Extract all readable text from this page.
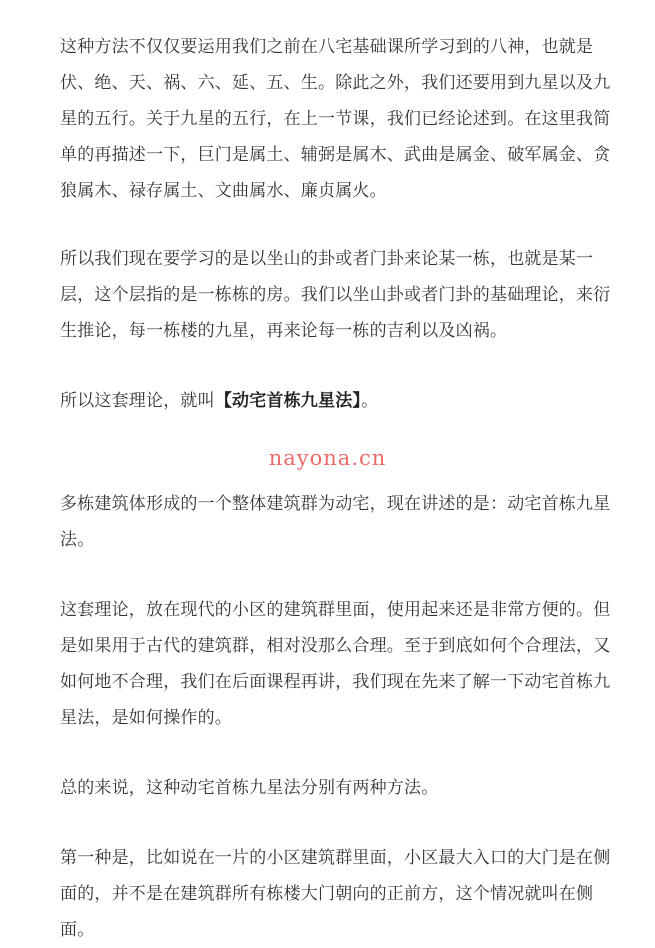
这种方法不仅仅要运用我们之前在八宅基础课所学习到的八神，也就是伏、绝、天、祸、六、延、五、生。除此之外，我们还要用到九星以及九星的五行。关于九星的五行，在上一节课，我们已经论述到。在这里我简单的再描述一下，巨门是属土、辅弼是属木、武曲是属金、破军属金、贪狼属木、禄存属土、文曲属水、廉贞属火。

所以我们现在要学习的是以坐山的卦或者门卦来论某一栋，也就是某一层，这个层指的是一栋栋的房。我们以坐山卦或者门卦的基础理论，来衍生推论，每一栋楼的九星，再来论每一栋的吉利以及凶祸。

所以这套理论，就叫【动宅首栋九星法】。

多栋建筑体形成的一个整体建筑群为动宅，现在讲述的是：动宅首栋九星法。

这套理论，放在现代的小区的建筑群里面，使用起来还是非常方便的。但是如果用于古代的建筑群，相对没那么合理。至于到底如何个合理法，又如何地不合理，我们在后面课程再讲，我们现在先来了解一下动宅首栋九星法，是如何操作的。

总的来说，这种动宅首栋九星法分别有两种方法。

第一种是，比如说在一片的小区建筑群里面，小区最大入口的大门是在侧面的，并不是在建筑群所有栋楼大门朝向的正前方，这个情况就叫在侧面。

nayona.cn
